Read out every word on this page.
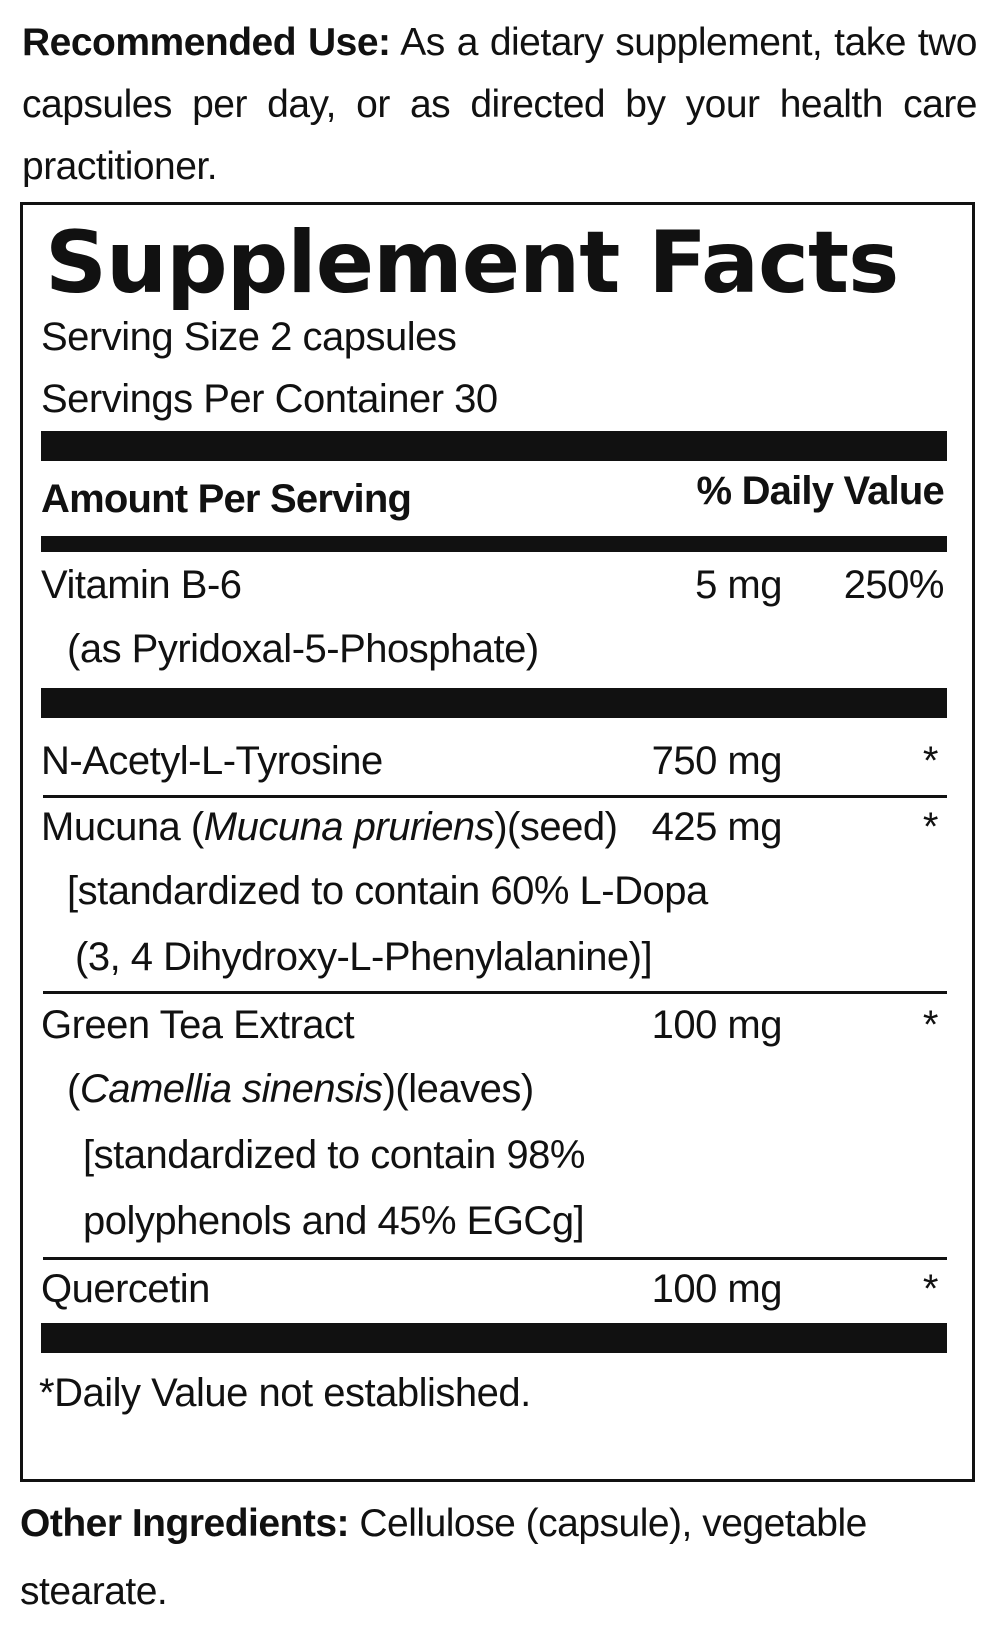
Recommended Use: As a dietary supplement, take two capsules per day, or as directed by your health care practitioner.
Supplement Facts
Serving Size 2 capsules
Servings Per Container 30
Amount Per Serving	% Daily Value
Vitamin B-6	5 mg 250%
(as Pyridoxal-5-Phosphate)
N-Acetyl-L-Tyrosine	750 mg	*
Mucuna (Mucuna pruriens)(seed) 425 mg	*
[standardized to contain 60% L-Dopa
(3, 4 Dihydroxy-L-Phenylalanine)]
Green Tea Extract	100 mg	*
(Camellia sinensis)(leaves)
[standardized to contain 98%
polyphenols and 45% EGCg]
Quercetin	100 mg	*
*Daily Value not established.
Other Ingredients: Cellulose (capsule), vegetable stearate.
